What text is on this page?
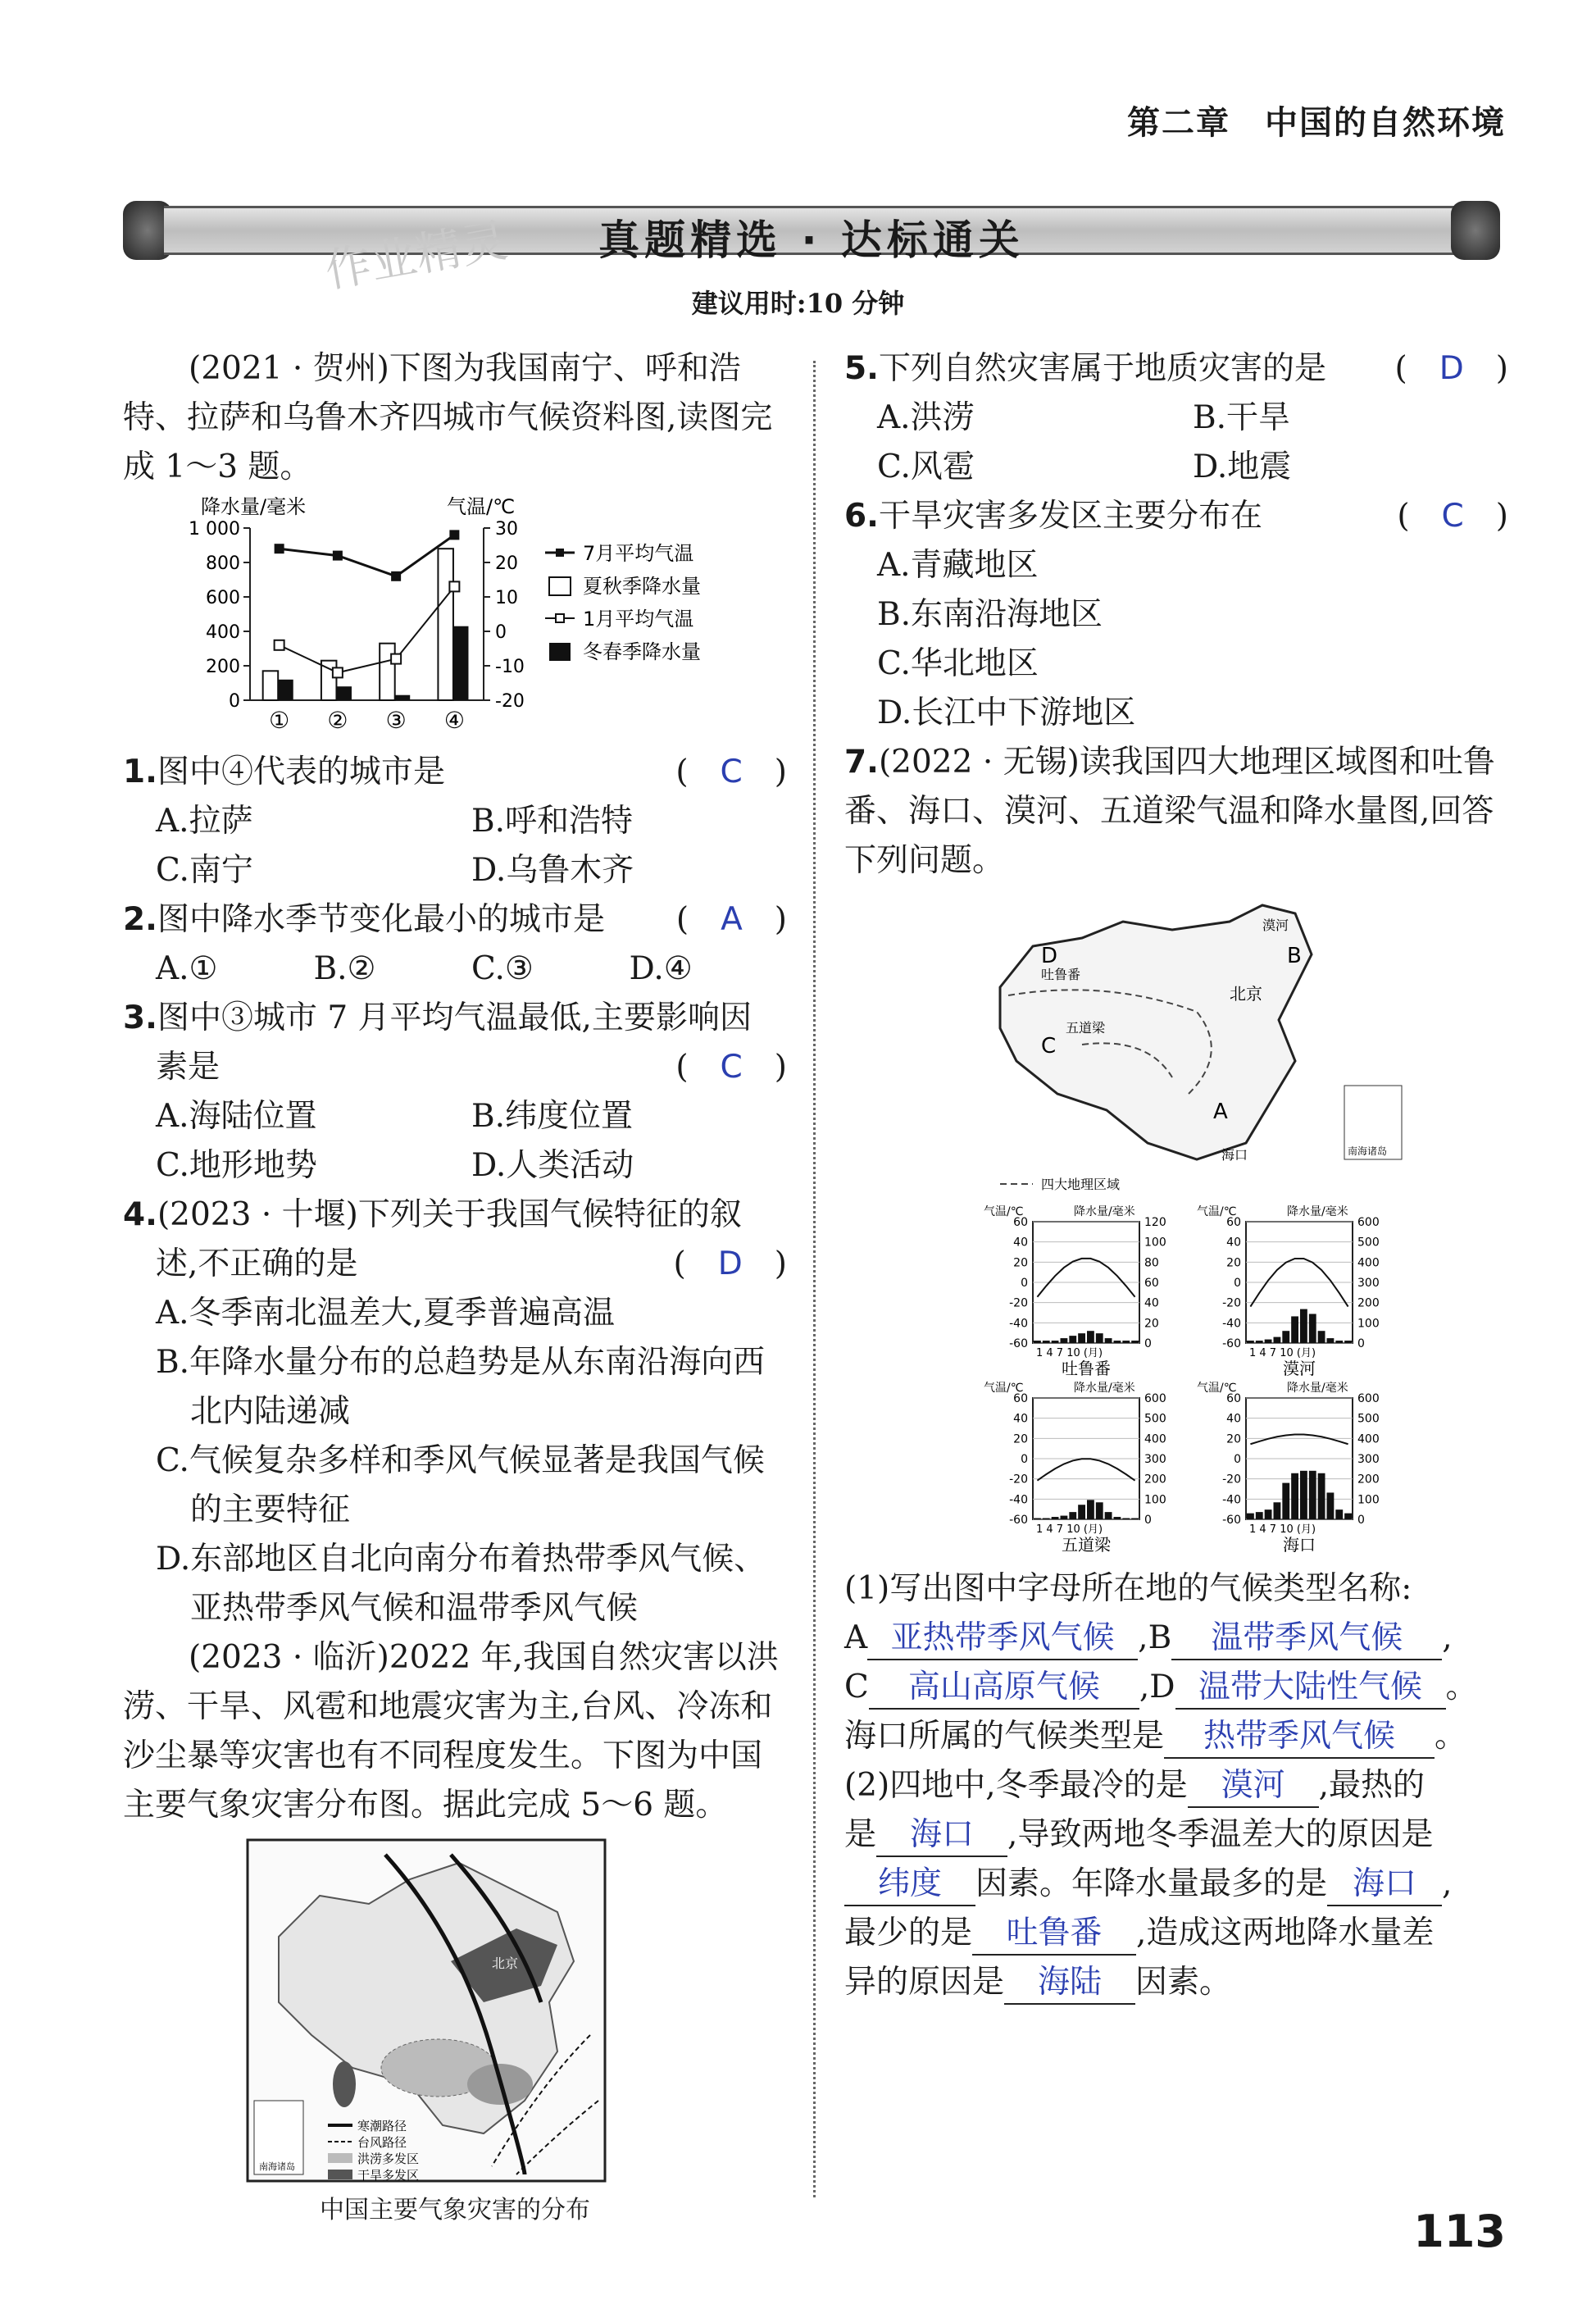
第二章　中国的自然环境
真题精选 · 达标通关
作业精灵
建议用时:10 分钟

(2021 · 贺州)下图为我国南宁、呼和浩特、拉萨和乌鲁木齐四城市气候资料图,读图完成 1～3 题。

降水量/毫米	气温/℃
1 000
800
600
400
200
0
30
20
10
0
-10
-20
① ② ③ ④
7月平均气温
夏秋季降水量
1月平均气温
冬春季降水量
1.图中④代表的城市是	(　C　)
A.拉萨	B.呼和浩特
C.南宁	D.乌鲁木齐
2.图中降水季节变化最小的城市是 (　A　)
A.①	B.②	C.③	D.④

3.图中③城市 7 月平均气温最低,主要影响因

素是	(　C　)
A.海陆位置	B.纬度位置
C.地形地势	D.人类活动

4.(2023 · 十堰)下列关于我国气候特征的叙

述,不正确的是	(　D　)

A.冬季南北温差大,夏季普遍高温

B.年降水量分布的总趋势是从东南沿海向西北内陆递减

C.气候复杂多样和季风气候显著是我国气候的主要特征

D.东部地区自北向南分布着热带季风气候、亚热带季风气候和温带季风气候

(2023 · 临沂)2022 年,我国自然灾害以洪涝、干旱、风雹和地震灾害为主,台风、冷冻和沙尘暴等灾害也有不同程度发生。下图为中国主要气象灾害分布图。据此完成 5～6 题。

北京
南海诸岛
寒潮路径
台风路径
洪涝多发区
干旱多发区

中国主要气象灾害的分布

5.下列自然灾害属于地质灾害的是 (　D　)
A.洪涝	B.干旱
C.风雹	D.地震
6.干旱灾害多发区主要分布在	(　C　)

A.青藏地区

B.东南沿海地区

C.华北地区

D.长江中下游地区

7.(2022 · 无锡)读我国四大地理区域图和吐鲁番、海口、漠河、五道梁气温和降水量图,回答下列问题。

D	B
C
A
漠河
北京
吐鲁番
五道梁
海口	南海诸岛
四大地理区域
气温/℃	降水量/毫米
60
40
20
0
-20
-40
-60
120
100
80
60
40
20
0
1 4 7 10 (月)
吐鲁番
气温/℃	降水量/毫米
60
40
20
0
-20
-40
-60
600
500
400
300
200
100
0
1 4 7 10 (月)
漠河
气温/℃	降水量/毫米
60
40
20
0
-20
-40
-60
600
500
400
300
200
100
0
1 4 7 10 (月)
五道梁
气温/℃	降水量/毫米
60
40
20
0
-20
-40
-60
600
500
400
300
200
100
0
1 4 7 10 (月)
海口

(1)写出图中字母所在地的气候类型名称:

A 亚热带季风气候 ,B 温带季风气候 ,

C 高山高原气候 ,D 温带大陆性气候 。

海口所属的气候类型是 热带季风气候 。

(2)四地中,冬季最冷的是 漠河 ,最热的

是 海口 ,导致两地冬季温差大的原因是

纬度 因素。年降水量最多的是 海口 ,

最少的是 吐鲁番 ,造成这两地降水量差

异的原因是 海陆 因素。

113
